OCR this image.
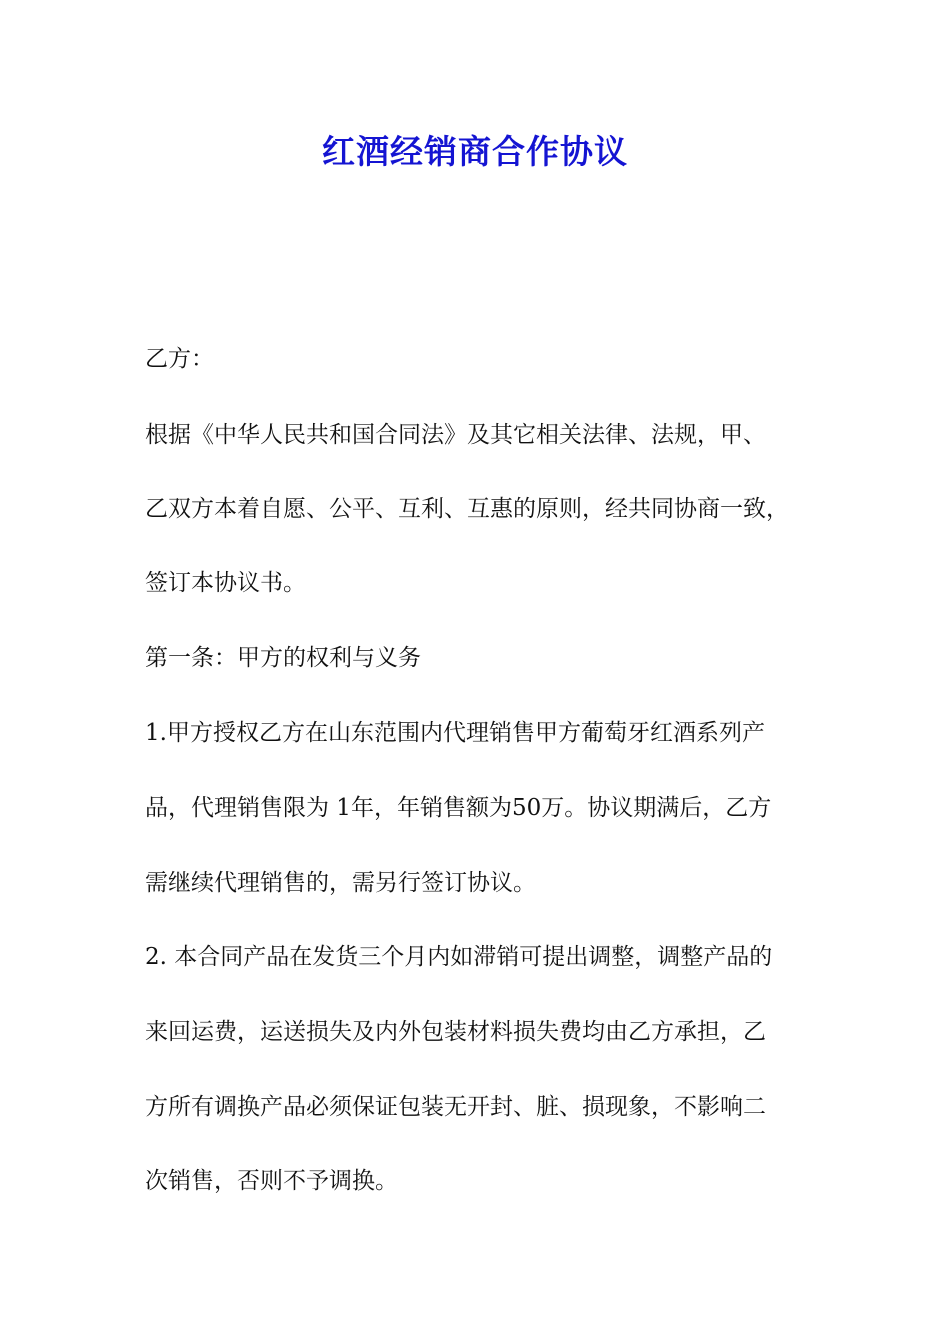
红酒经销商合作协议

乙方：

根据《中华人民共和国合同法》及其它相关法律、法规，甲、

乙双方本着自愿、公平、互利、互惠的原则，经共同协商一致，

签订本协议书。

第一条：甲方的权利与义务

1.甲方授权乙方在山东范围内代理销售甲方葡萄牙红酒系列产

品，代理销售限为 1年，年销售额为50万。协议期满后，乙方

需继续代理销售的，需另行签订协议。

2. 本合同产品在发货三个月内如滞销可提出调整，调整产品的

来回运费，运送损失及内外包装材料损失费均由乙方承担，乙

方所有调换产品必须保证包装无开封、脏、损现象，不影响二

次销售，否则不予调换。
